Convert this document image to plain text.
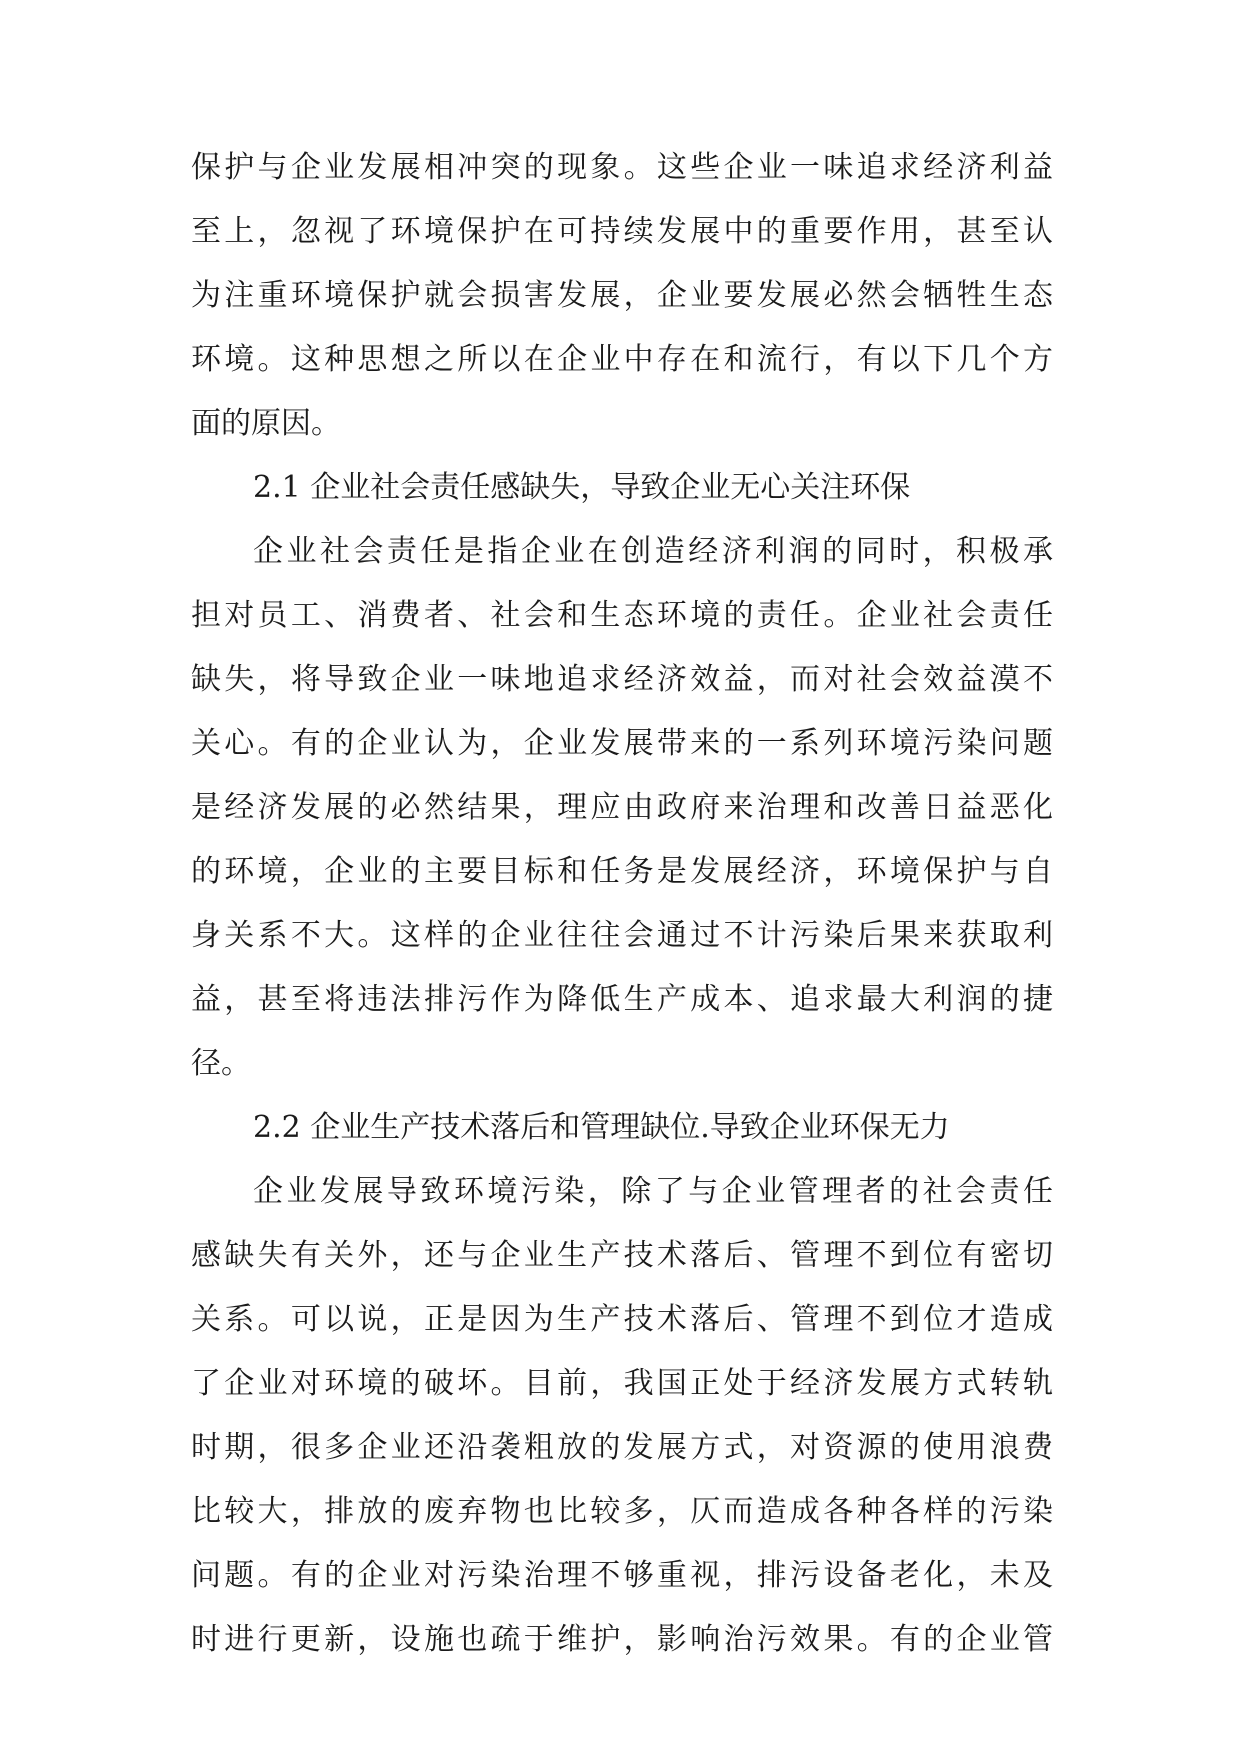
保护与企业发展相冲突的现象。这些企业一味追求经济利益

至上，忽视了环境保护在可持续发展中的重要作用，甚至认

为注重环境保护就会损害发展，企业要发展必然会牺牲生态

环境。这种思想之所以在企业中存在和流行，有以下几个方

面的原因。

2.1 企业社会责任感缺失，导致企业无心关注环保

企业社会责任是指企业在创造经济利润的同时，积极承

担对员工、消费者、社会和生态环境的责任。企业社会责任

缺失，将导致企业一味地追求经济效益，而对社会效益漠不

关心。有的企业认为，企业发展带来的一系列环境污染问题

是经济发展的必然结果，理应由政府来治理和改善日益恶化

的环境，企业的主要目标和任务是发展经济，环境保护与自

身关系不大。这样的企业往往会通过不计污染后果来获取利

益，甚至将违法排污作为降低生产成本、追求最大利润的捷

径。

2.2 企业生产技术落后和管理缺位.导致企业环保无力

企业发展导致环境污染，除了与企业管理者的社会责任

感缺失有关外，还与企业生产技术落后、管理不到位有密切

关系。可以说，正是因为生产技术落后、管理不到位才造成

了企业对环境的破坏。目前，我国正处于经济发展方式转轨

时期，很多企业还沿袭粗放的发展方式，对资源的使用浪费

比较大，排放的废弃物也比较多，仄而造成各种各样的污染

问题。有的企业对污染治理不够重视，排污设备老化，未及

时进行更新，设施也疏于维护，影响治污效果。有的企业管
